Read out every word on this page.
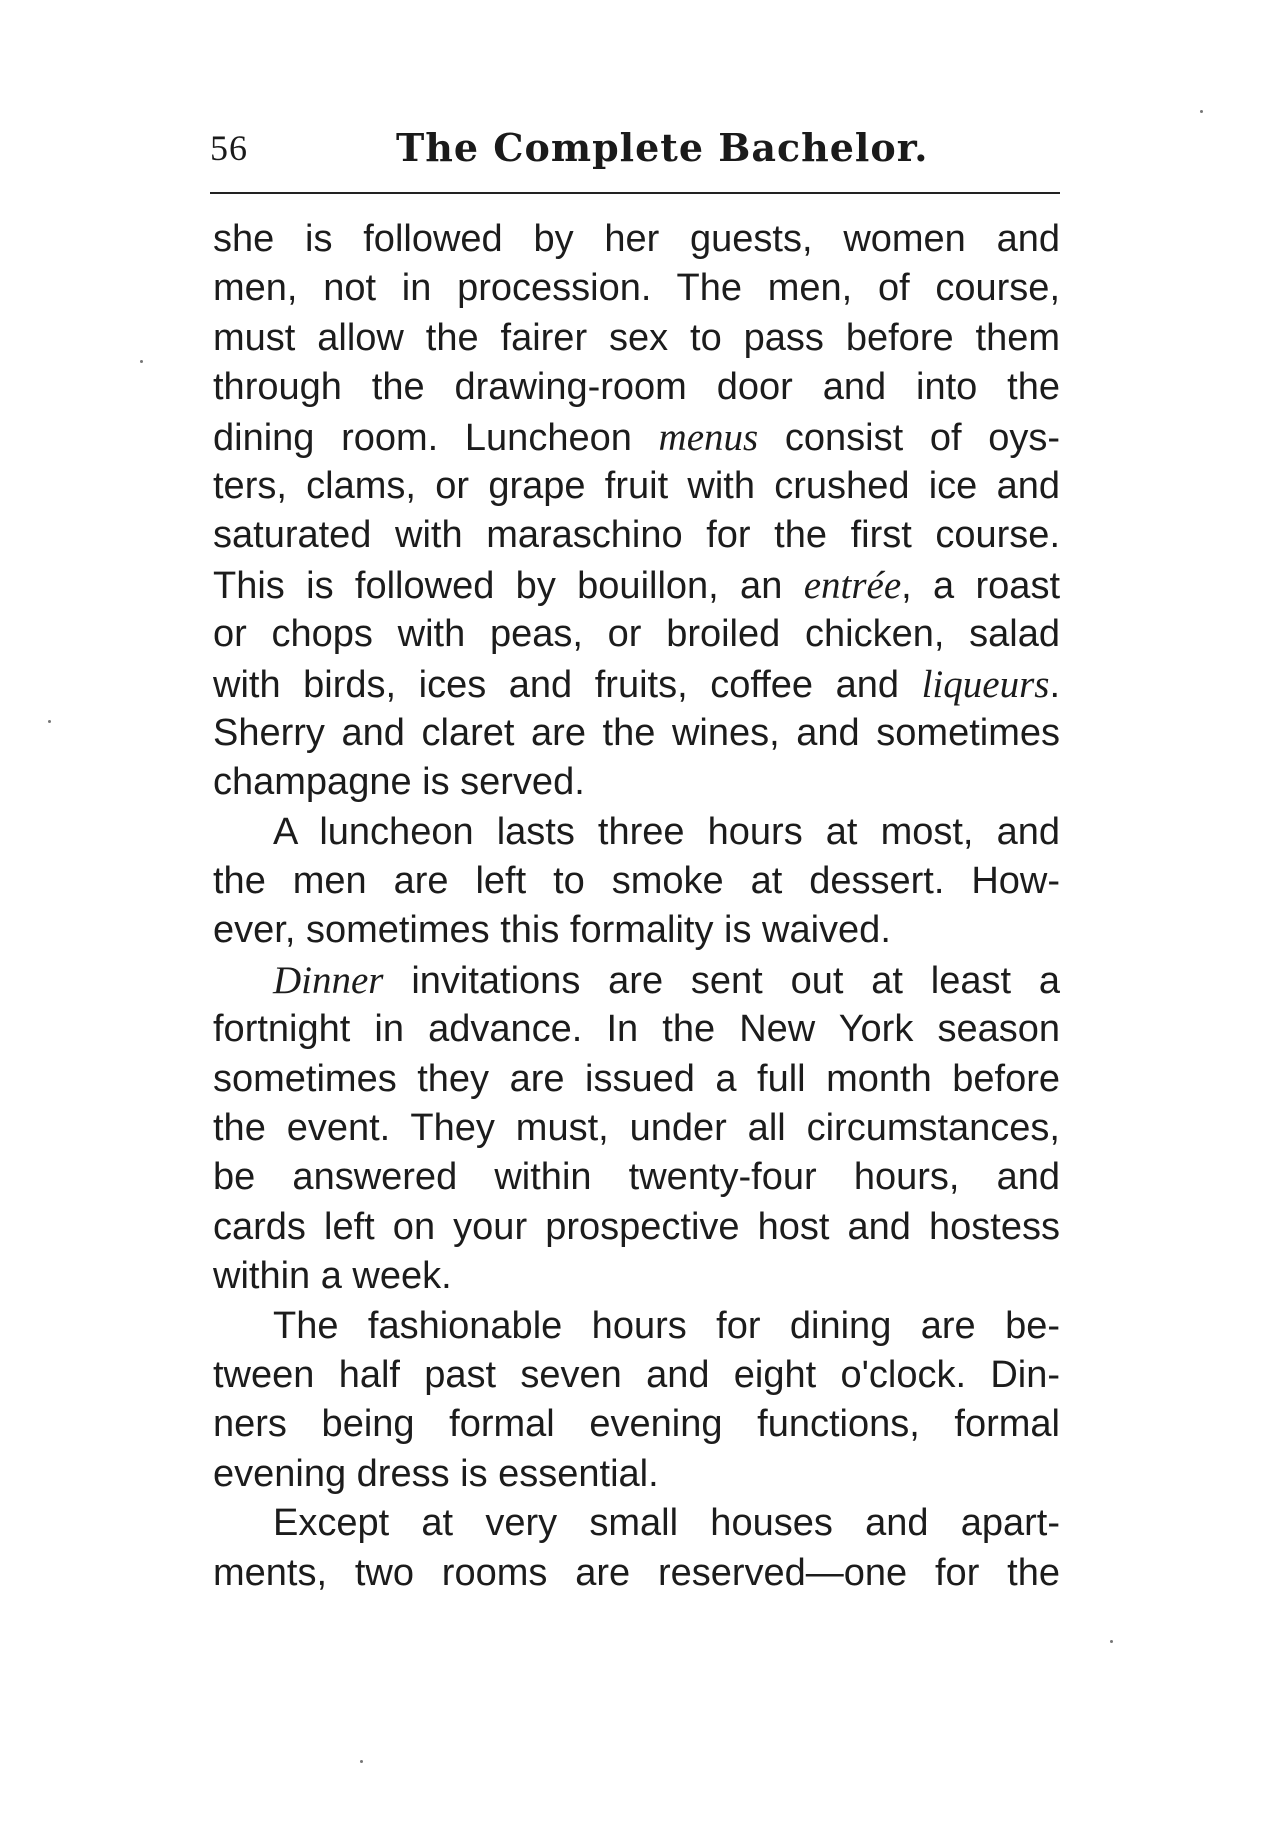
56	The Complete Bachelor.
she is followed by her guests, women and
men, not in procession. The men, of course,
must allow the fairer sex to pass before them
through the drawing-room door and into the
dining room. Luncheon menus consist of oys-
ters, clams, or grape fruit with crushed ice and
saturated with maraschino for the first course.
This is followed by bouillon, an entrée, a roast
or chops with peas, or broiled chicken, salad
with birds, ices and fruits, coffee and liqueurs.
Sherry and claret are the wines, and sometimes
champagne is served.
A luncheon lasts three hours at most, and
the men are left to smoke at dessert. How-
ever, sometimes this formality is waived.
Dinner invitations are sent out at least a
fortnight in advance. In the New York season
sometimes they are issued a full month before
the event. They must, under all circumstances,
be answered within twenty-four hours, and
cards left on your prospective host and hostess
within a week.
The fashionable hours for dining are be-
tween half past seven and eight o'clock. Din-
ners being formal evening functions, formal
evening dress is essential.
Except at very small houses and apart-
ments, two rooms are reserved—one for the
